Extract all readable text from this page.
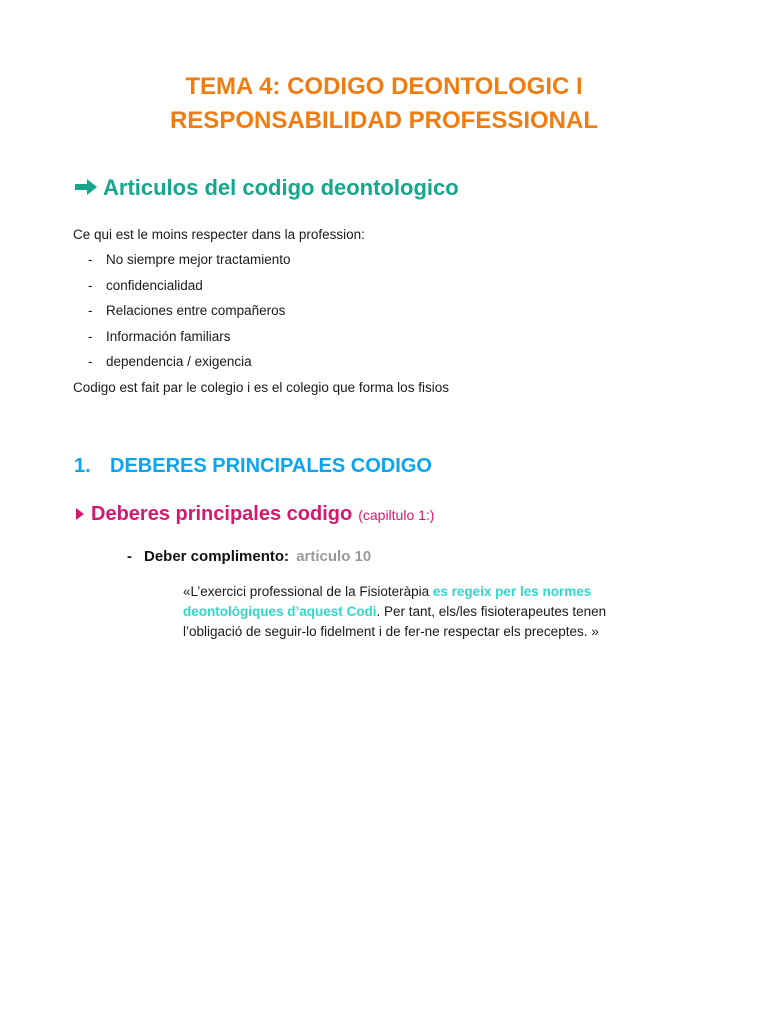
TEMA 4: CODIGO DEONTOLOGIC I
RESPONSABILIDAD PROFESSIONAL
Articulos del codigo deontologico

Ce qui est le moins respecter dans la profession:

-	No siempre mejor tractamiento
-	confidencialidad
-	Relaciones entre compañeros
-	Información familiars
-	dependencia / exigencia

Codigo est fait par le colegio i es el colegio que forma los fisios

1. DEBERES PRINCIPALES CODIGO
Deberes principales codigo (capiltulo 1:)

- Deber complimento: articulo 10

«L’exercici professional de la Fisioteràpia es regeix per les normes deontològiques d’aquest Codi. Per tant, els/les fisioterapeutes tenen l’obligació de seguir-lo fidelment i de fer-ne respectar els preceptes. »
